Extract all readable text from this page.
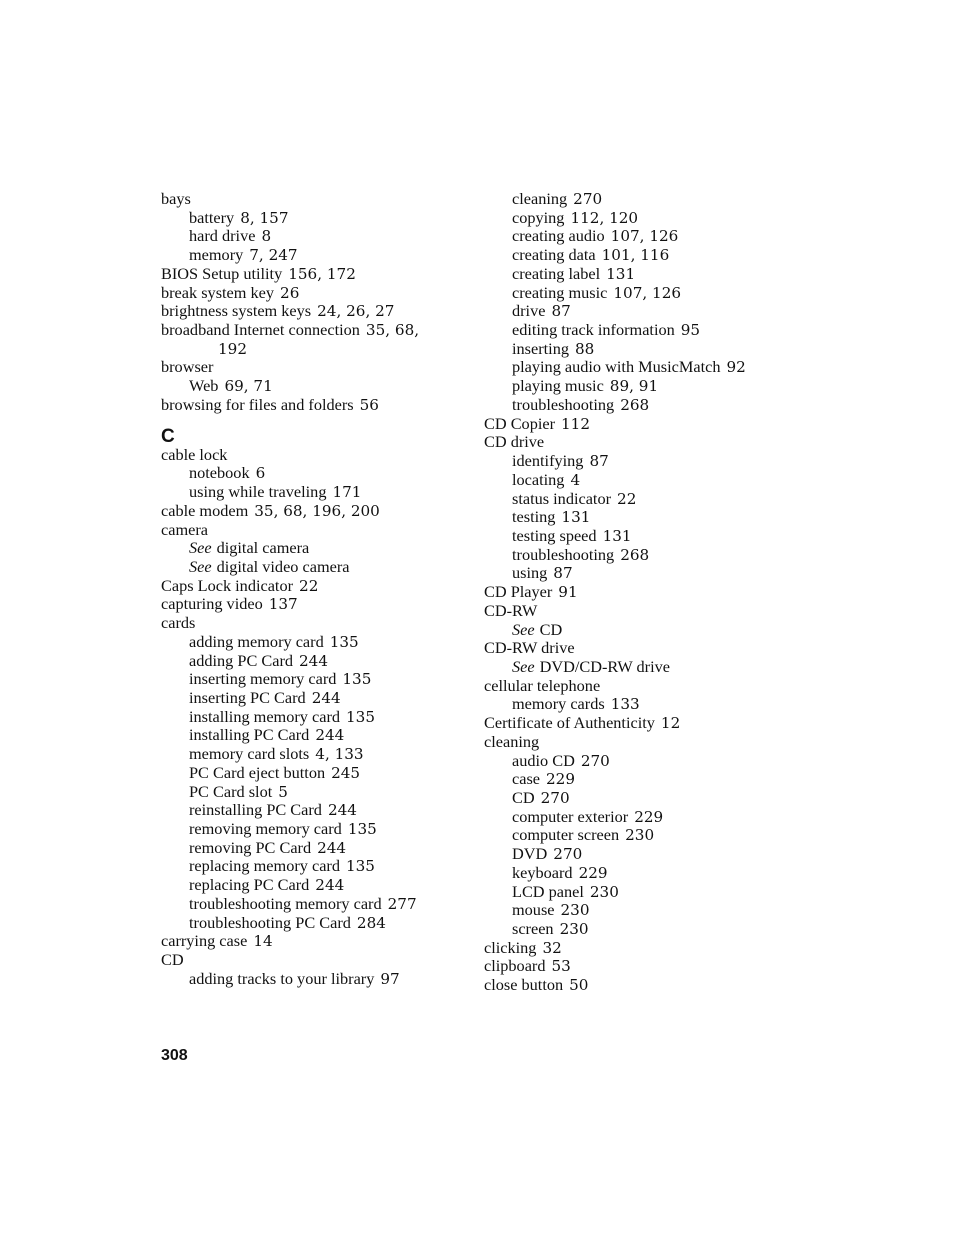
bays
battery 8, 157
hard drive 8
memory 7, 247
BIOS Setup utility 156, 172
break system key 26
brightness system keys 24, 26, 27
broadband Internet connection 35, 68,
192
browser
Web 69, 71
browsing for files and folders 56
C
cable lock
notebook 6
using while traveling 171
cable modem 35, 68, 196, 200
camera
See digital camera
See digital video camera
Caps Lock indicator 22
capturing video 137
cards
adding memory card 135
adding PC Card 244
inserting memory card 135
inserting PC Card 244
installing memory card 135
installing PC Card 244
memory card slots 4, 133
PC Card eject button 245
PC Card slot 5
reinstalling PC Card 244
removing memory card 135
removing PC Card 244
replacing memory card 135
replacing PC Card 244
troubleshooting memory card 277
troubleshooting PC Card 284
carrying case 14
CD
adding tracks to your library 97
cleaning 270
copying 112, 120
creating audio 107, 126
creating data 101, 116
creating label 131
creating music 107, 126
drive 87
editing track information 95
inserting 88
playing audio with MusicMatch 92
playing music 89, 91
troubleshooting 268
CD Copier 112
CD drive
identifying 87
locating 4
status indicator 22
testing 131
testing speed 131
troubleshooting 268
using 87
CD Player 91
CD-RW
See CD
CD-RW drive
See DVD/CD-RW drive
cellular telephone
memory cards 133
Certificate of Authenticity 12
cleaning
audio CD 270
case 229
CD 270
computer exterior 229
computer screen 230
DVD 270
keyboard 229
LCD panel 230
mouse 230
screen 230
clicking 32
clipboard 53
close button 50
308
